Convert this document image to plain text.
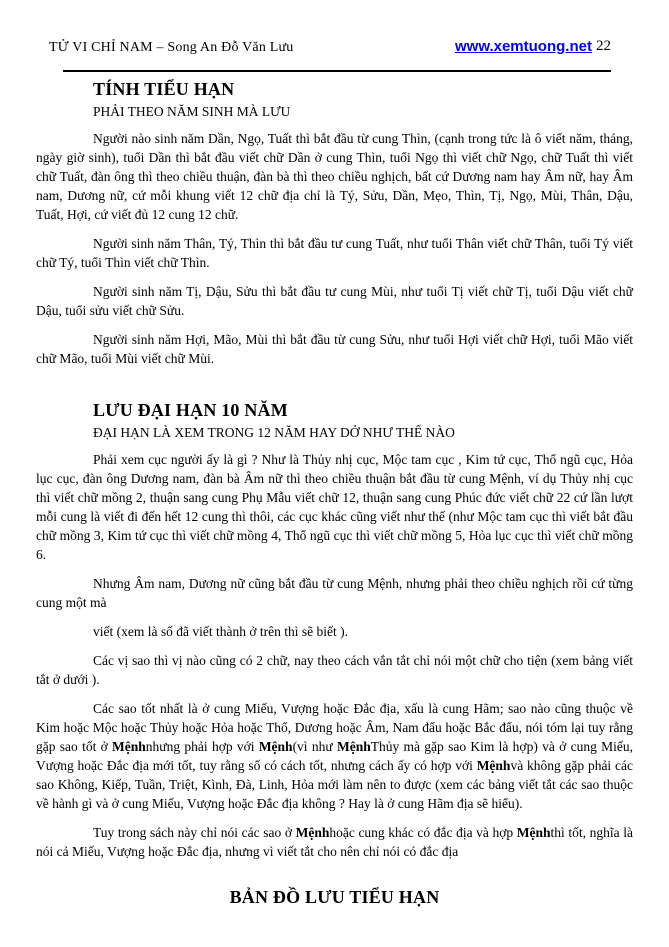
TỬ VI CHỈ NAM – Song An Đỗ Văn Lưu	www.xemtuong.net 22
TÍNH TIỂU HẠN
PHẢI THEO NĂM SINH MÀ LƯU

Người nào sinh năm Dần, Ngọ, Tuất thì bắt đầu từ cung Thìn, (cạnh trong tức là ô viết năm, tháng, ngày giờ sinh), tuổi Dần thì bắt đầu viết chữ Dần ở cung Thìn, tuổi Ngọ thì viết chữ Ngọ, chữ Tuất thì viết chữ Tuất, đàn ông thì theo chiều thuận, đàn bà thì theo chiều nghịch, bất cứ Dương nam hay Âm nữ, hay Âm nam, Dương nữ, cứ mỗi khung viết 12 chữ địa chỉ là Tý, Sửu, Dần, Mẹo, Thìn, Tị, Ngọ, Mùi, Thân, Dậu, Tuất, Hợi, cứ viết đủ 12 cung 12 chữ.

Người sinh năm Thân, Tý, Thìn thì bắt đầu tư cung Tuất, như tuổi Thân viết chữ Thân, tuổi Tý viết chữ Tý, tuổi Thìn viết chữ Thìn.

Người sinh năm Tị, Dậu, Sửu thì bắt đầu tư cung Mùi, như tuổi Tị viết chữ Tị, tuổi Dậu viết chữ Dậu, tuổi sửu viết chữ Sửu.

Người sinh năm Hợi, Mão, Mùi thì bắt đầu từ cung Sửu, như tuổi Hợi viết chữ Hợi, tuổi Mão viết chữ Mão, tuổi Mùi viết chữ Mùi.

LƯU ĐẠI HẠN 10 NĂM
ĐẠI HẠN LÀ XEM TRONG 12 NĂM HAY DỞ NHƯ THẾ NÀO

Phải xem cục người ấy là gì ? Như là Thủy nhị cục, Mộc tam cục , Kim tứ cục, Thổ ngũ cục, Hỏa lục cục, đàn ông Dương nam, đàn bà Âm nữ thì theo chiều thuận bắt đầu từ cung Mệnh, ví dụ Thủy nhị cục thì viết chữ mồng 2, thuận sang cung Phụ Mẫu viết chữ 12, thuận sang cung Phúc đức viết chữ 22 cứ lần lượt mỗi cung là viết đi đến hết 12 cung thì thôi, các cục khác cũng viết như thế (như Mộc tam cục thì viết bắt đầu chữ mồng 3, Kim tứ cục thì viết chữ mồng 4, Thổ ngũ cục thì viết chữ mồng 5, Hỏa lục cục thì viết chữ mồng 6.

Nhưng Âm nam, Dương nữ cũng bắt đầu từ cung Mệnh, nhưng phải theo chiều nghịch rồi cứ từng cung một mà

viết (xem là số đã viết thành ở trên thì sẽ biết ).

Các vị sao thì vị nào cũng có 2 chữ, nay theo cách vắn tắt chỉ nói một chữ cho tiện (xem bảng viết tắt ở dưới ).

Các sao tốt nhất là ở cung Miếu, Vượng hoặc Đắc địa, xấu là cung Hãm; sao nào cũng thuộc về Kim hoặc Mộc hoặc Thủy hoặc Hỏa hoặc Thổ, Dương hoặc Âm, Nam đẩu hoặc Bắc đẩu, nói tóm lại tuy rằng gặp sao tốt ở Mệnhnhưng phải hợp với Mệnh(vì như MệnhThủy mà gặp sao Kim là hợp) và ở cung Miếu, Vượng hoặc Đắc địa mới tốt, tuy rằng số có cách tốt, nhưng cách ấy có hợp với Mệnhvà không gặp phải các sao Không, Kiếp, Tuần, Triệt, Kình, Đà, Linh, Hỏa mới làm nên to được (xem các bảng viết tắt các sao thuộc về hành gì và ở cung Miếu, Vượng hoặc Đắc địa không ? Hay là ở cung Hãm địa sẽ hiểu).

Tuy trong sách này chỉ nói các sao ở Mệnhhoặc cung khác có đắc địa và hợp Mệnhthì tốt, nghĩa là nói cả Miếu, Vượng hoặc Đắc địa, nhưng vì viết tắt cho nên chỉ nói có đắc địa

BẢN ĐỒ LƯU TIỂU HẠN
